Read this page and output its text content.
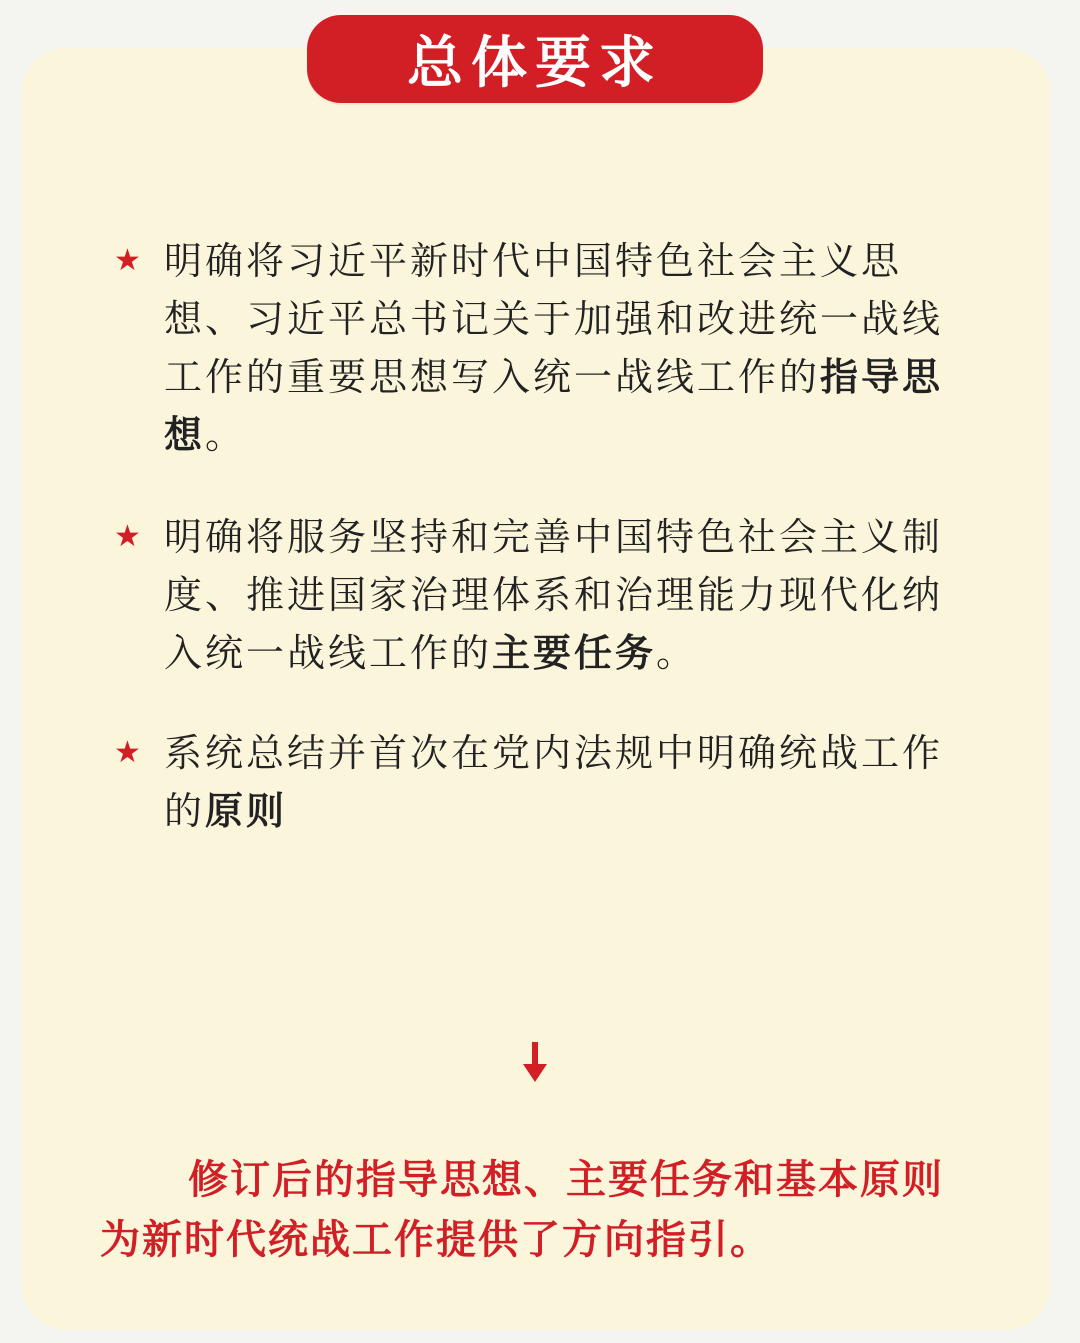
总体要求
★ 明确将习近平新时代中国特色社会主义思想、习近平总书记关于加强和改进统一战线工作的重要思想写入统一战线工作的指导思想。
★ 明确将服务坚持和完善中国特色社会主义制度、推进国家治理体系和治理能力现代化纳入统一战线工作的主要任务。
★ 系统总结并首次在党内法规中明确统战工作的原则
修订后的指导思想、主要任务和基本原则为新时代统战工作提供了方向指引。
